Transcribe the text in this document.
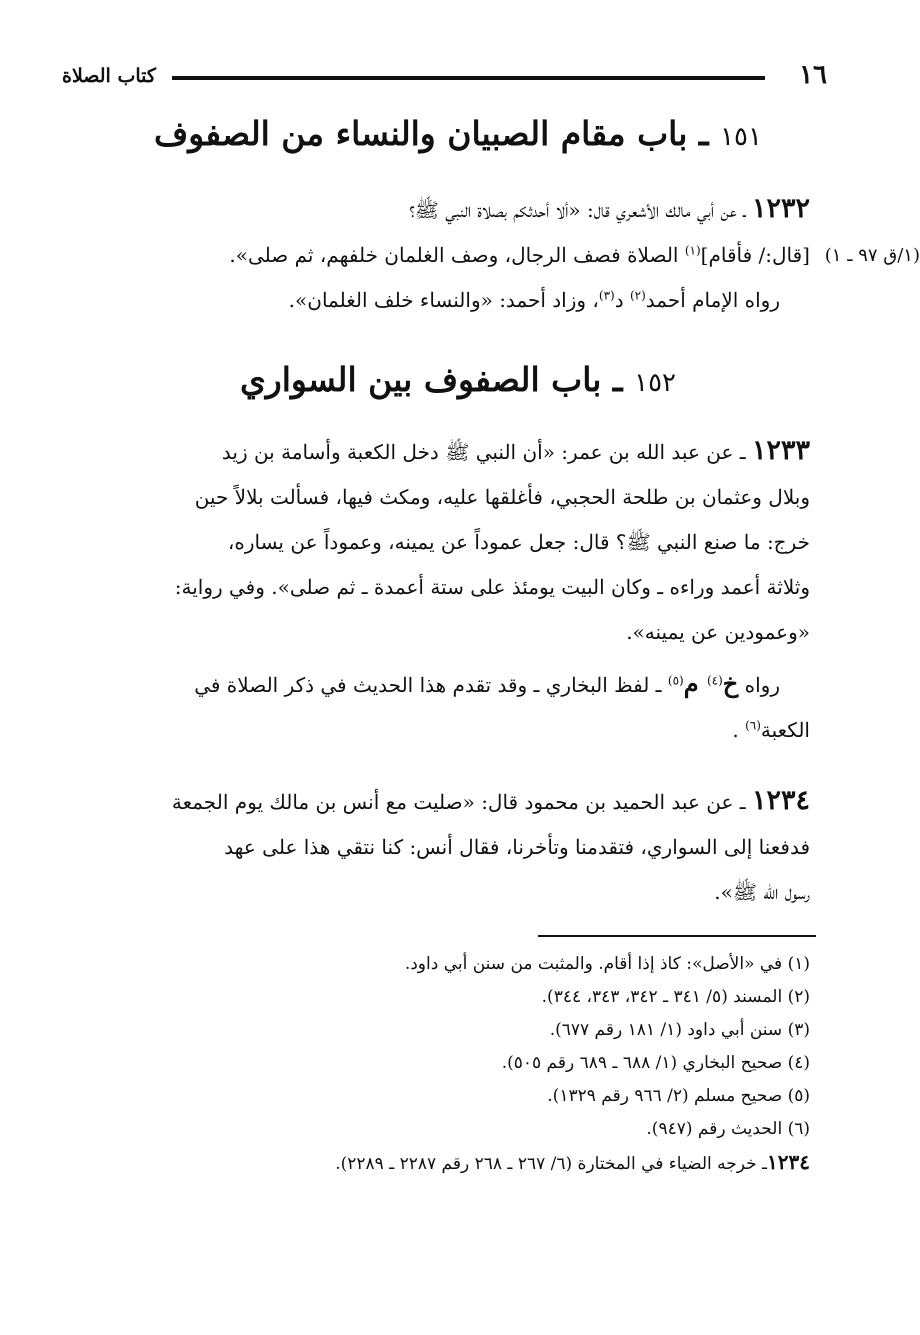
١٦
كتاب الصلاة
١٥١ ـ باب مقام الصبيان والنساء من الصفوف
١٢٣٢ ـ عن أبي مالك الأشعري قال: «ألا أحدثكم بصلاة النبي ﷺ؟
[قال:/ فأقام]$^{(١)}$ الصلاة فصف الرجال، وصف الغلمان خلفهم، ثم صلى».
رواه الإمام أحمد$^{(٢)}$ د$^{(٣)}$، وزاد أحمد: «والنساء خلف الغلمان».
(١/ق ٩٧ ـ ١)
١٥٢ ـ باب الصفوف بين السواري
١٢٣٣ ـ عن عبد الله بن عمر: «أن النبي ﷺ دخل الكعبة وأسامة بن زيد
وبلال وعثمان بن طلحة الحجبي، فأغلقها عليه، ومكث فيها، فسألت بلالاً حين
خرج: ما صنع النبي ﷺ؟ قال: جعل عموداً عن يمينه، وعموداً عن يساره،
وثلاثة أعمد وراءه ـ وكان البيت يومئذ على ستة أعمدة ـ ثم صلى». وفي رواية:
«وعمودين عن يمينه».
رواه خ$^{(٤)}$ م$^{(٥)}$ ـ لفظ البخاري ـ وقد تقدم هذا الحديث في ذكر الصلاة في
الكعبة$^{(٦)}$ .
١٢٣٤ ـ عن عبد الحميد بن محمود قال: «صليت مع أنس بن مالك يوم الجمعة
فدفعنا إلى السواري، فتقدمنا وتأخرنا، فقال أنس: كنا نتقي هذا على عهد
رسول الله ﷺ».
(١) في «الأصل»: كاذ إذا أقام. والمثبت من سنن أبي داود.
(٢) المسند (٥/ ٣٤١ ـ ٣٤٢، ٣٤٣، ٣٤٤).
(٣) سنن أبي داود (١/ ١٨١ رقم ٦٧٧).
(٤) صحيح البخاري (١/ ٦٨٨ ـ ٦٨٩ رقم ٥٠٥).
(٥) صحيح مسلم (٢/ ٩٦٦ رقم ١٣٢٩).
(٦) الحديث رقم (٩٤٧).
١٢٣٤ـ خرجه الضياء في المختارة (٦/ ٢٦٧ ـ ٢٦٨ رقم ٢٢٨٧ ـ ٢٢٨٩).
